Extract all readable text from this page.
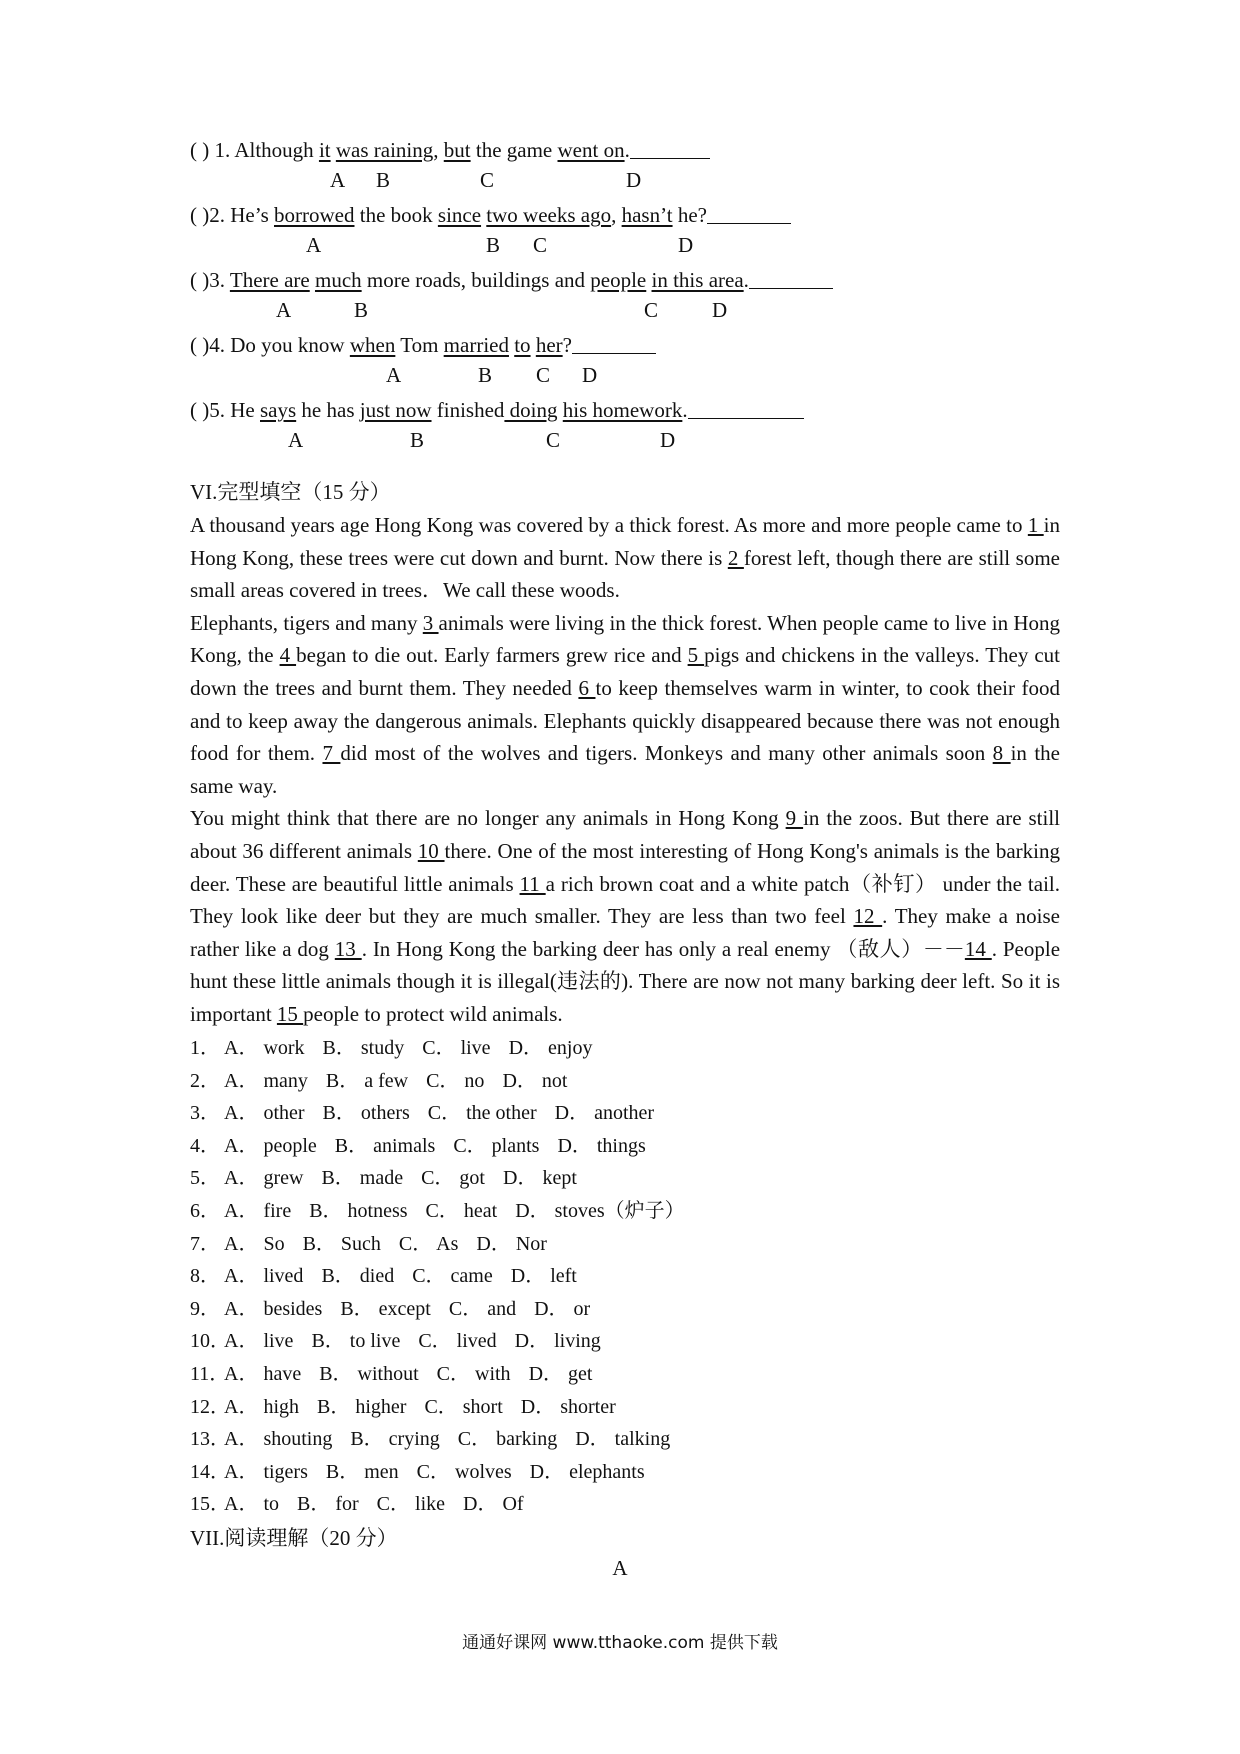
( ) 1. Although it was raining, but the game went on.
A B	C	D
( )2. He’s borrowed the book since two weeks ago, hasn’t he?
A	B C	D
( )3. There are much more roads, buildings and people in this area.
A	B	C	D
( )4. Do you know when Tom married to her?
A	B C D
( )5. He says he has just now finished doing his homework.
A	B	C	D
VI.完型填空（15 分）

A thousand years age Hong Kong was covered by a thick forest. As more and more people came to 1 in Hong Kong, these trees were cut down and burnt. Now there is 2 forest left, though there are still some small areas covered in trees．We call these woods.

Elephants, tigers and many 3 animals were living in the thick forest. When people came to live in Hong Kong, the 4 began to die out. Early farmers grew rice and 5 pigs and chickens in the valleys. They cut down the trees and burnt them. They needed 6 to keep themselves warm in winter, to cook their food and to keep away the dangerous animals. Elephants quickly disappeared because there was not enough food for them. 7 did most of the wolves and tigers. Monkeys and many other animals soon 8 in the same way.

You might think that there are no longer any animals in Hong Kong 9 in the zoos. But there are still about 36 different animals 10 there. One of the most interesting of Hong Kong's animals is the barking deer. These are beautiful little animals 11 a rich brown coat and a white patch（补钉） under the tail. They look like deer but they are much smaller. They are less than two feel 12 . They make a noise rather like a dog 13 . In Hong Kong the barking deer has only a real enemy （敌人）－－14 . People hunt these little animals though it is illegal(违法的). There are now not many barking deer left. So it is important 15 people to protect wild animals.

1． A． work B． study C． live D． enjoy
2． A． many B． a few C． no D． not
3． A． other B． others C． the other D． another
4． A． people B． animals C． plants D． things
5． A． grew B． made C． got D． kept
6． A． fire B． hotness C． heat D． stoves（炉子）
7． A． So B． Such C． As D． Nor
8． A． lived B． died C． came D． left
9． A． besides B． except C． and D． or
10．A． live B． to live C． lived D． living
11．A． have B． without C． with D． get
12．A． high B． higher C． short D． shorter
13．A． shouting B． crying C． barking D． talking
14．A． tigers B． men C． wolves D． elephants
15．A． to B． for C． like D． Of
VII.阅读理解（20 分）
A
通通好课网 www.tthaoke.com 提供下载
